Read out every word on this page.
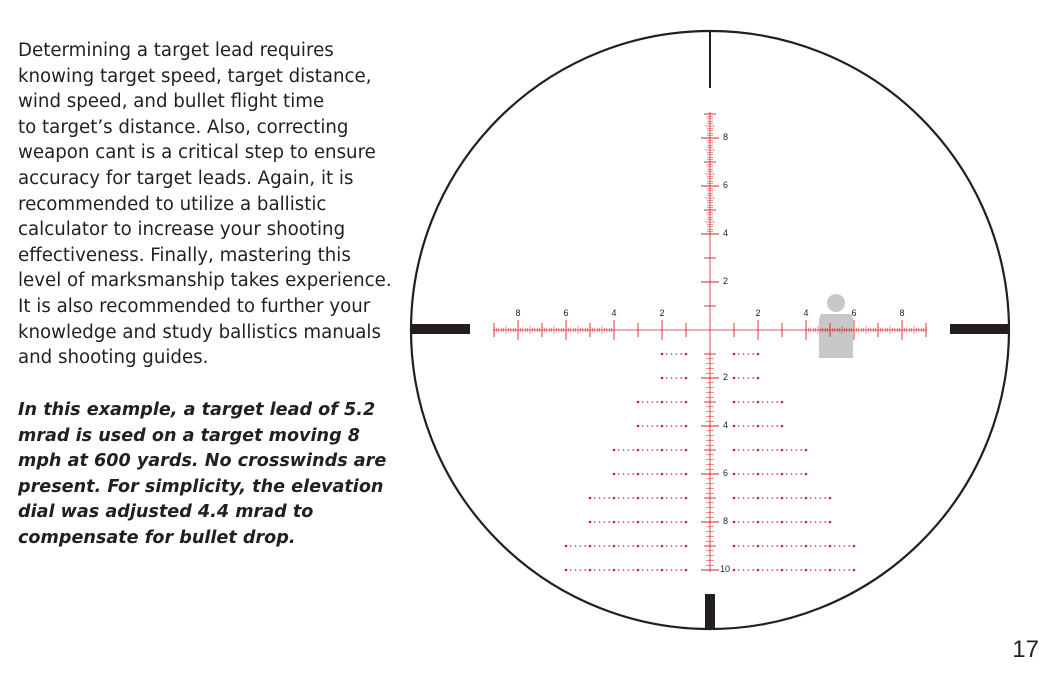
Determining a target lead requires
knowing target speed, target distance,
wind speed, and bullet flight time
to target’s distance. Also, correcting
weapon cant is a critical step to ensure
accuracy for target leads. Again, it is
recommended to utilize a ballistic
calculator to increase your shooting
effectiveness. Finally, mastering this
level of marksmanship takes experience.
It is also recommended to further your
knowledge and study ballistics manuals
and shooting guides.

In this example, a target lead of 5.2
mrad is used on a target moving 8
mph at 600 yards. No crosswinds are
present. For simplicity, the elevation
dial was adjusted 4.4 mrad to
compensate for bullet drop.

8	6	4	2	2	4	6	8
8
6
4
2
2
4
6
8
10
17
